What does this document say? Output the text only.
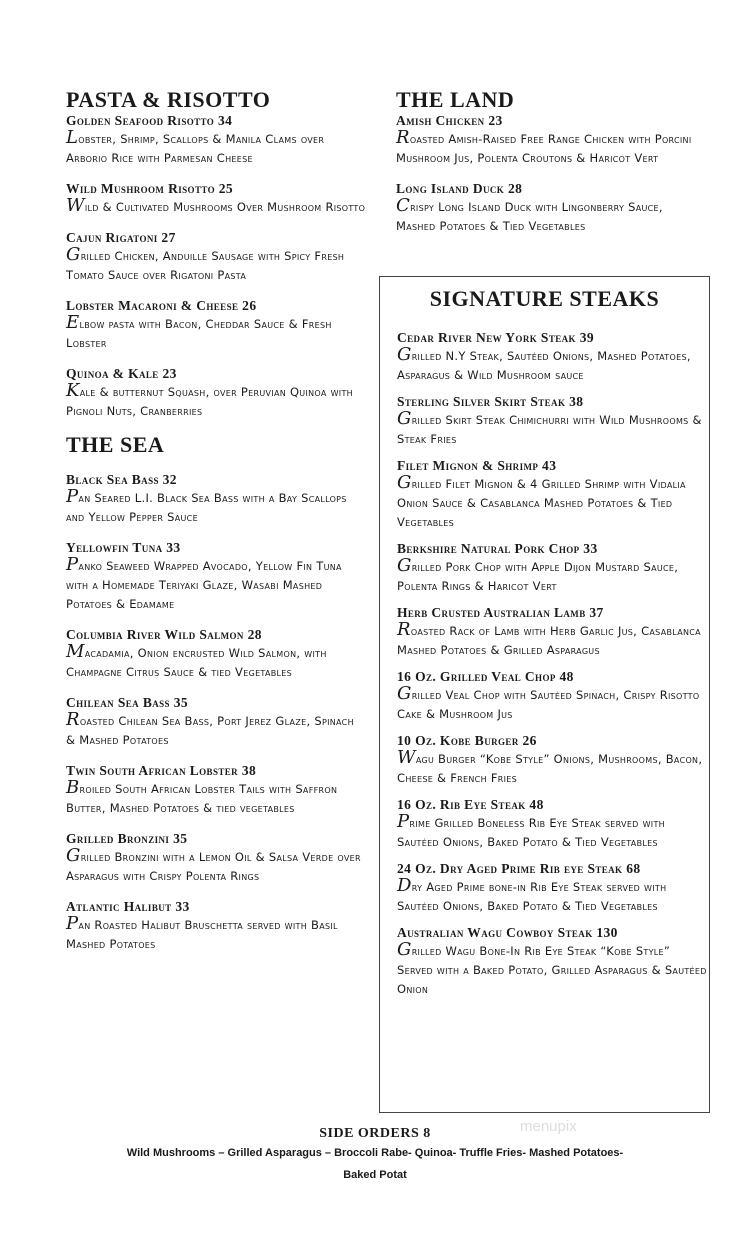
PASTA & RISOTTO
Golden Seafood Risotto 34
Lobster, Shrimp, Scallops & Manila Clams over Arborio Rice with Parmesan Cheese
Wild Mushroom Risotto 25
Wild & Cultivated Mushrooms Over Mushroom Risotto
Cajun Rigatoni 27
Grilled Chicken, Anduille Sausage with Spicy Fresh Tomato Sauce over Rigatoni Pasta
Lobster Macaroni & Cheese 26
Elbow pasta with Bacon, Cheddar Sauce & Fresh Lobster
Quinoa & Kale 23
Kale & butternut Squash, over Peruvian Quinoa with Pignoli Nuts, Cranberries
THE SEA
Black Sea Bass 32
Pan Seared L.I. Black Sea Bass with a Bay Scallops and Yellow Pepper Sauce
Yellowfin Tuna 33
Panko Seaweed Wrapped Avocado, Yellow Fin Tuna with a Homemade Teriyaki Glaze, Wasabi Mashed Potatoes & Edamame
Columbia River Wild Salmon 28
Macadamia, Onion encrusted Wild Salmon, with Champagne Citrus Sauce & tied Vegetables
Chilean Sea Bass 35
Roasted Chilean Sea Bass, Port Jerez Glaze, Spinach & Mashed Potatoes
Twin South African Lobster 38
Broiled South African Lobster Tails with Saffron Butter, Mashed Potatoes & tied vegetables
Grilled Bronzini 35
Grilled Bronzini with a Lemon Oil & Salsa Verde over Asparagus with Crispy Polenta Rings
Atlantic Halibut 33
Pan Roasted Halibut Bruschetta served with Basil Mashed Potatoes
THE LAND
Amish Chicken 23
Roasted Amish-Raised Free Range Chicken with Porcini Mushroom Jus, Polenta Croutons & Haricot Vert
Long Island Duck 28
Crispy Long Island Duck with Lingonberry Sauce, Mashed Potatoes & Tied Vegetables
SIGNATURE STEAKS
Cedar River New York Steak 39
Grilled N.Y Steak, Sautéed Onions, Mashed Potatoes, Asparagus & Wild Mushroom sauce
Sterling Silver Skirt Steak 38
Grilled Skirt Steak Chimichurri with Wild Mushrooms & Steak Fries
Filet Mignon & Shrimp 43
Grilled Filet Mignon & 4 Grilled Shrimp with Vidalia Onion Sauce & Casablanca Mashed Potatoes & Tied Vegetables
Berkshire Natural Pork Chop 33
Grilled Pork Chop with Apple Dijon Mustard Sauce, Polenta Rings & Haricot Vert
Herb Crusted Australian Lamb 37
Roasted Rack of Lamb with Herb Garlic Jus, Casablanca Mashed Potatoes & Grilled Asparagus
16 Oz. Grilled Veal Chop 48
Grilled Veal Chop with Sautéed Spinach, Crispy Risotto Cake & Mushroom Jus
10 Oz. Kobe Burger 26
Wagu Burger “Kobe Style” Onions, Mushrooms, Bacon, Cheese & French Fries
16 Oz. Rib Eye Steak 48
Prime Grilled Boneless Rib Eye Steak served with Sautéed Onions, Baked Potato & Tied Vegetables
24 Oz. Dry Aged Prime Rib eye Steak 68
Dry Aged Prime bone-in Rib Eye Steak served with Sautéed Onions, Baked Potato & Tied Vegetables
Australian Wagu Cowboy Steak 130
Grilled Wagu Bone-In Rib Eye Steak “Kobe Style” Served with a Baked Potato, Grilled Asparagus & Sautéed Onion
SIDE ORDERS 8
Wild Mushrooms – Grilled Asparagus – Broccoli Rabe- Quinoa- Truffle Fries- Mashed Potatoes- Baked Potat
menupix
